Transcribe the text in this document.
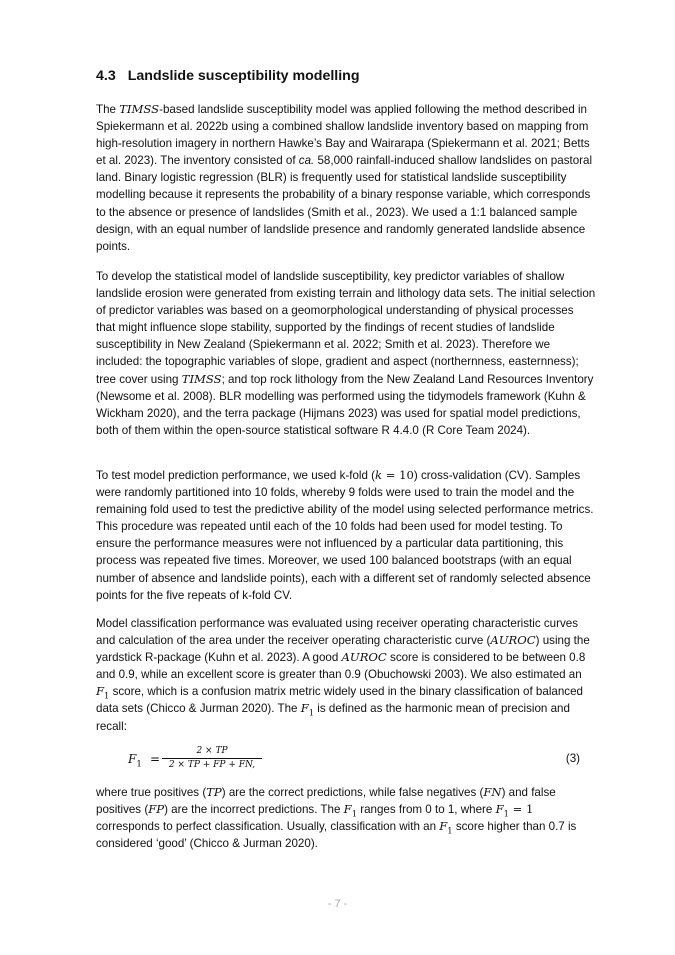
4.3 Landslide susceptibility modelling

The TIMSS-based landslide susceptibility model was applied following the method described in Spiekermann et al. 2022b using a combined shallow landslide inventory based on mapping from high-resolution imagery in northern Hawke’s Bay and Wairarapa (Spiekermann et al. 2021; Betts et al. 2023). The inventory consisted of ca. 58,000 rainfall-induced shallow landslides on pastoral land. Binary logistic regression (BLR) is frequently used for statistical landslide susceptibility modelling because it represents the probability of a binary response variable, which corresponds to the absence or presence of landslides (Smith et al., 2023). We used a 1:1 balanced sample design, with an equal number of landslide presence and randomly generated landslide absence points.

To develop the statistical model of landslide susceptibility, key predictor variables of shallow landslide erosion were generated from existing terrain and lithology data sets. The initial selection of predictor variables was based on a geomorphological understanding of physical processes that might influence slope stability, supported by the findings of recent studies of landslide susceptibility in New Zealand (Spiekermann et al. 2022; Smith et al. 2023). Therefore we included: the topographic variables of slope, gradient and aspect (northernness, easternness); tree cover using TIMSS; and top rock lithology from the New Zealand Land Resources Inventory (Newsome et al. 2008). BLR modelling was performed using the tidymodels framework (Kuhn & Wickham 2020), and the terra package (Hijmans 2023) was used for spatial model predictions, both of them within the open-source statistical software R 4.4.0 (R Core Team 2024).

To test model prediction performance, we used k-fold (k = 10) cross-validation (CV). Samples were randomly partitioned into 10 folds, whereby 9 folds were used to train the model and the remaining fold used to test the predictive ability of the model using selected performance metrics. This procedure was repeated until each of the 10 folds had been used for model testing. To ensure the performance measures were not influenced by a particular data partitioning, this process was repeated five times. Moreover, we used 100 balanced bootstraps (with an equal number of absence and landslide points), each with a different set of randomly selected absence points for the five repeats of k-fold CV.

Model classification performance was evaluated using receiver operating characteristic curves and calculation of the area under the receiver operating characteristic curve (AUROC) using the yardstick R-package (Kuhn et al. 2023). A good AUROC score is considered to be between 0.8 and 0.9, while an excellent score is greater than 0.9 (Obuchowski 2003). We also estimated an $F_1$ score, which is a confusion matrix metric widely used in the binary classification of balanced data sets (Chicco & Jurman 2020). The $F_1$ is defined as the harmonic mean of precision and recall:

$F_1$ =
2 × TP
2 × TP + FP + FN,	(3)

where true positives (TP) are the correct predictions, while false negatives (FN) and false positives (FP) are the incorrect predictions. The $F_1$ ranges from 0 to 1, where $F_1 = 1$ corresponds to perfect classification. Usually, classification with an $F_1$ score higher than 0.7 is considered ‘good’ (Chicco & Jurman 2020).

- 7 -
